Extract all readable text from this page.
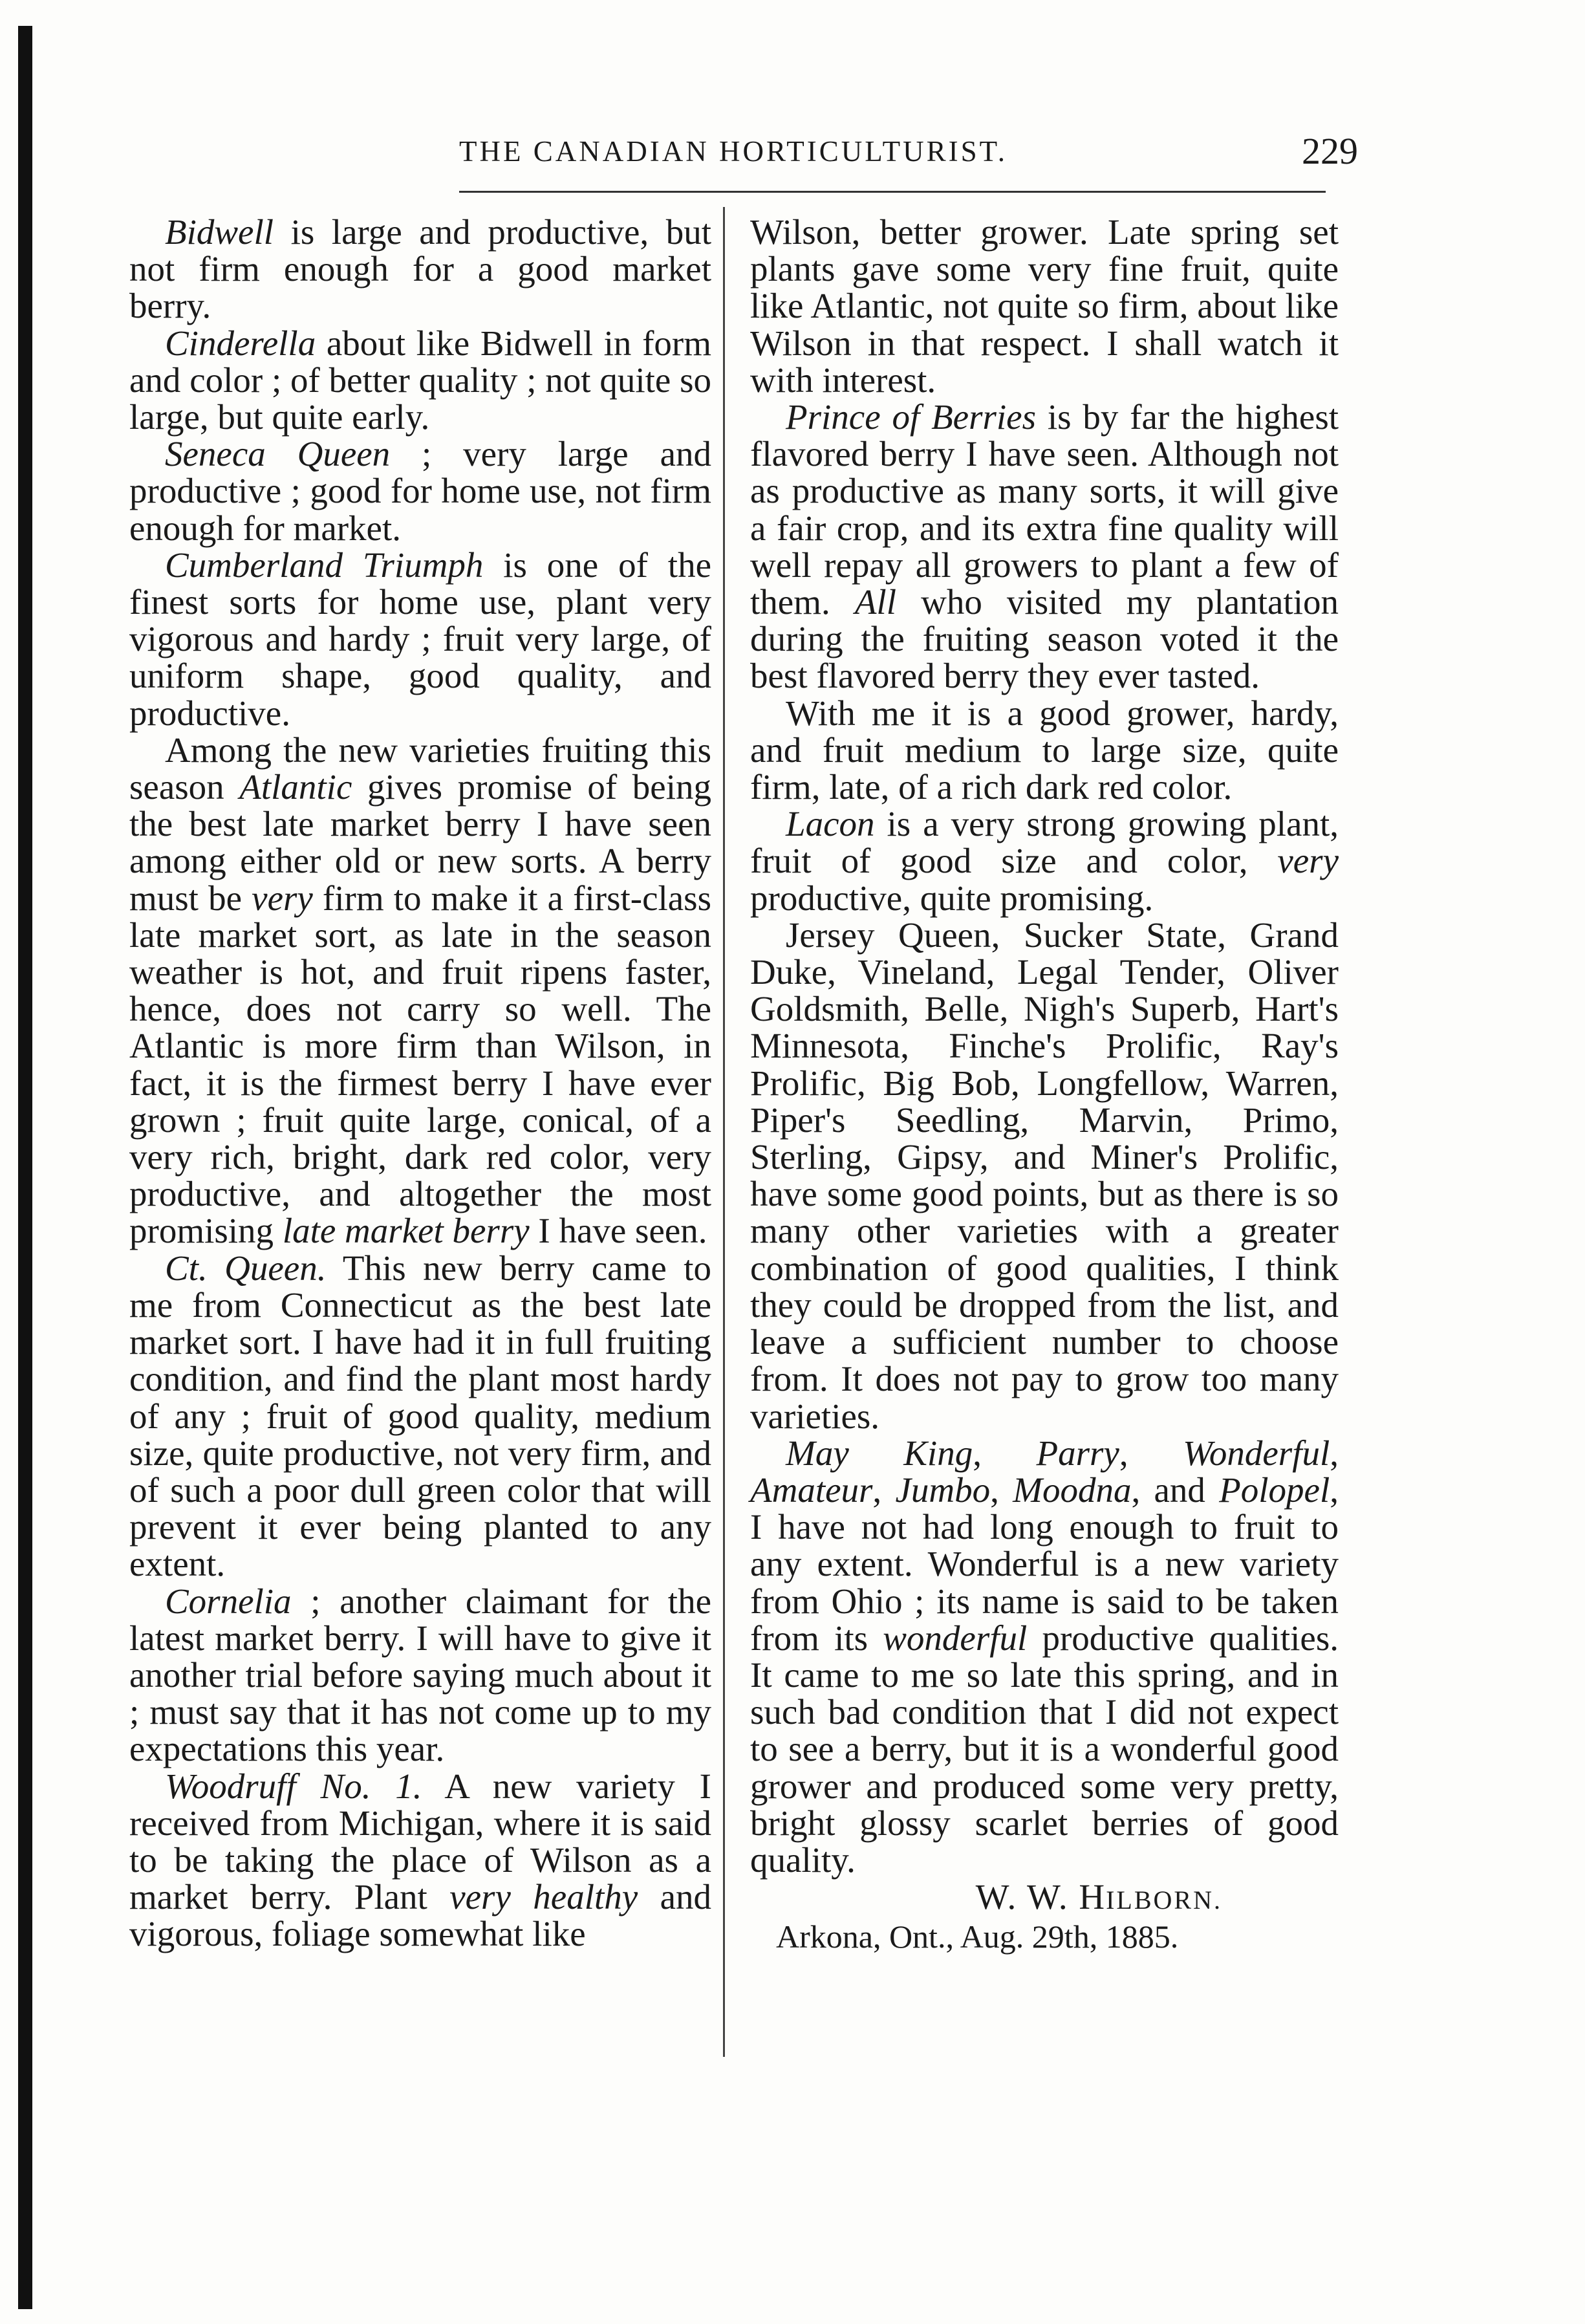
THE CANADIAN HORTICULTURIST.	229

Bidwell is large and productive, but not firm enough for a good market berry.

Cinderella about like Bidwell in form and color ; of better quality ; not quite so large, but quite early.

Seneca Queen ; very large and productive ; good for home use, not firm enough for market.

Cumberland Triumph is one of the finest sorts for home use, plant very vigorous and hardy ; fruit very large, of uniform shape, good quality, and productive.

Among the new varieties fruiting this season Atlantic gives promise of being the best late market berry I have seen among either old or new sorts. A berry must be very firm to make it a first-class late market sort, as late in the season weather is hot, and fruit ripens faster, hence, does not carry so well. The Atlantic is more firm than Wilson, in fact, it is the firmest berry I have ever grown ; fruit quite large, conical, of a very rich, bright, dark red color, very productive, and altogether the most promising late market berry I have seen.

Ct. Queen. This new berry came to me from Connecticut as the best late market sort. I have had it in full fruiting condition, and find the plant most hardy of any ; fruit of good quality, medium size, quite productive, not very firm, and of such a poor dull green color that will prevent it ever being planted to any extent.

Cornelia ; another claimant for the latest market berry. I will have to give it another trial before saying much about it ; must say that it has not come up to my expectations this year.

Woodruff No. 1. A new variety I received from Michigan, where it is said to be taking the place of Wilson as a market berry. Plant very healthy and vigorous, foliage somewhat like

Wilson, better grower. Late spring set plants gave some very fine fruit, quite like Atlantic, not quite so firm, about like Wilson in that respect. I shall watch it with interest.

Prince of Berries is by far the highest flavored berry I have seen. Although not as productive as many sorts, it will give a fair crop, and its extra fine quality will well repay all growers to plant a few of them. All who visited my plantation during the fruiting season voted it the best flavored berry they ever tasted.

With me it is a good grower, hardy, and fruit medium to large size, quite firm, late, of a rich dark red color.

Lacon is a very strong growing plant, fruit of good size and color, very productive, quite promising.

Jersey Queen, Sucker State, Grand Duke, Vineland, Legal Tender, Oliver Goldsmith, Belle, Nigh's Superb, Hart's Minnesota, Finche's Prolific, Ray's Prolific, Big Bob, Longfellow, Warren, Piper's Seedling, Marvin, Primo, Sterling, Gipsy, and Miner's Prolific, have some good points, but as there is so many other varieties with a greater combination of good qualities, I think they could be dropped from the list, and leave a sufficient number to choose from. It does not pay to grow too many varieties.

May King, Parry, Wonderful, Amateur, Jumbo, Moodna, and Polopel, I have not had long enough to fruit to any extent. Wonderful is a new variety from Ohio ; its name is said to be taken from its wonderful productive qualities. It came to me so late this spring, and in such bad condition that I did not expect to see a berry, but it is a wonderful good grower and produced some very pretty, bright glossy scarlet berries of good quality.

W. W. HILBORN.

Arkona, Ont., Aug. 29th, 1885.
